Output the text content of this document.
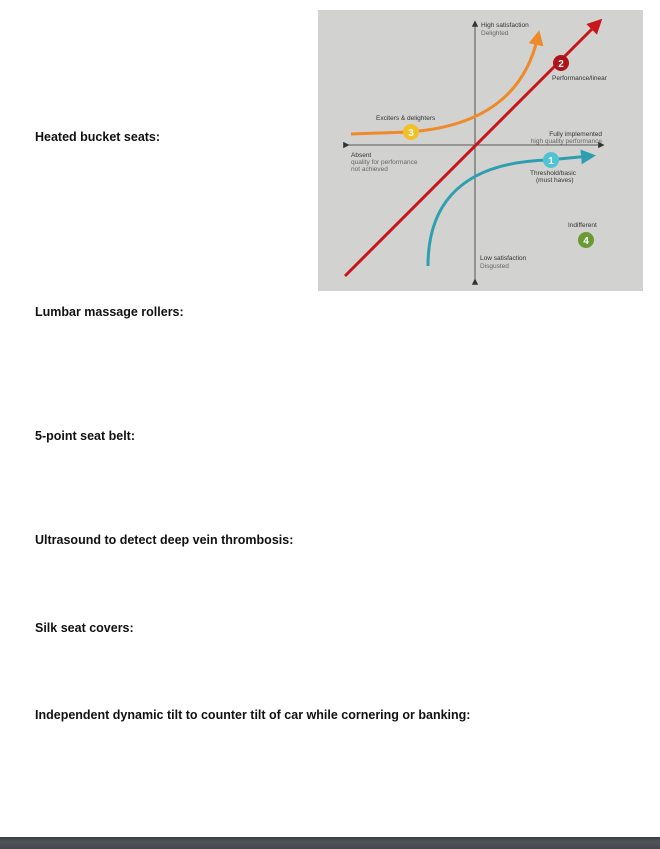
Heated bucket seats:
Lumbar massage rollers:
5-point seat belt:
Ultrasound to detect deep vein thrombosis:
Silk seat covers:
Independent dynamic tilt to counter tilt of car while cornering or banking:
High satisfaction
Delighted
Low satisfaction
Disgusted
Fully implemented
high quality performance
Absent
quality for performance
not achieved
Threshold/basic
(must haves)
Performance/linear
Exciters & delighters
Indifferent
1
2
3
4
